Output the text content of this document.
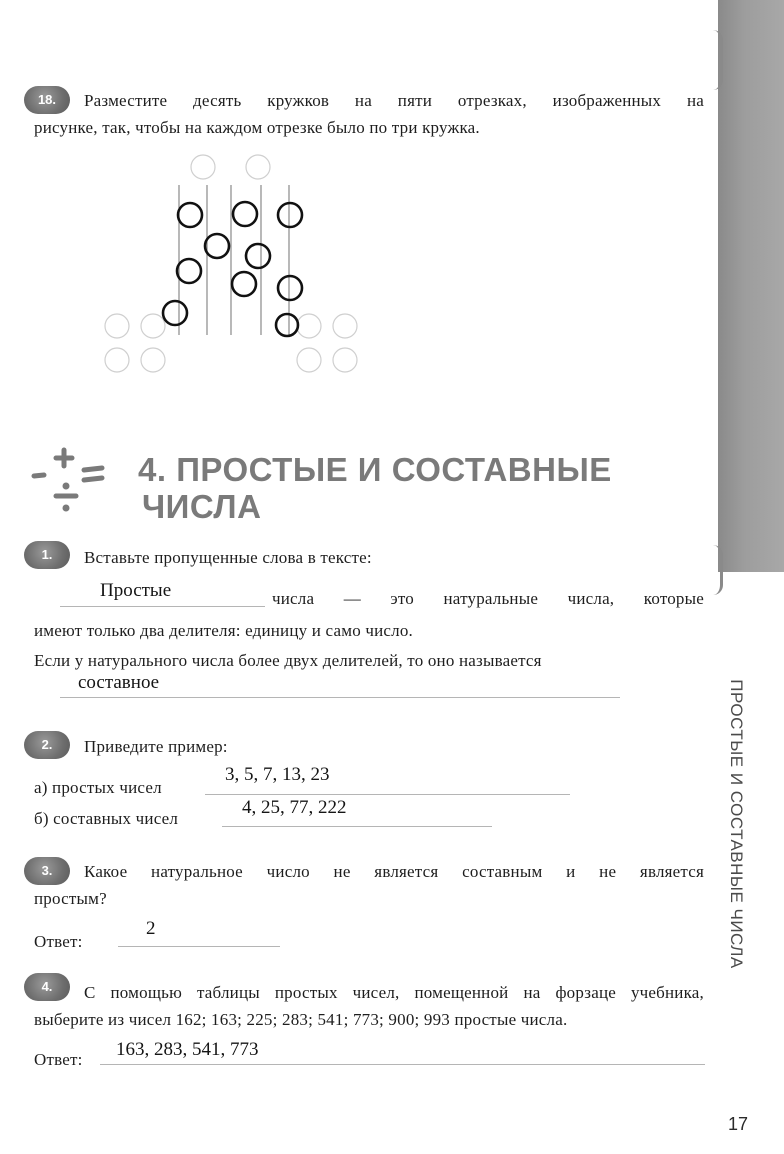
ПРОСТЫЕ И СОСТАВНЫЕ ЧИСЛА
18.	Разместите десять кружков на пяти отрезках, изображенных на
рисунке, так, чтобы на каждом отрезке было по три кружка.
4. ПРОСТЫЕ И СОСТАВНЫЕ
ЧИСЛА
1.	Вставьте пропущенные слова в тексте:
Простые	числа — это натуральные числа, которые
имеют только два делителя: единицу и само число.
Если у натурального числа более двух делителей, то оно называется
составное
2.	Приведите пример:
а) простых чисел
3, 5, 7, 13, 23
б) составных чисел
4, 25, 77, 222
3.	Какое натуральное число не является составным и не является
простым?
Ответ:
2
4.	С помощью таблицы простых чисел, помещенной на форзаце учебника,
выберите из чисел 162; 163; 225; 283; 541; 773; 900; 993 простые числа.
Ответ: 163, 283, 541, 773
17
